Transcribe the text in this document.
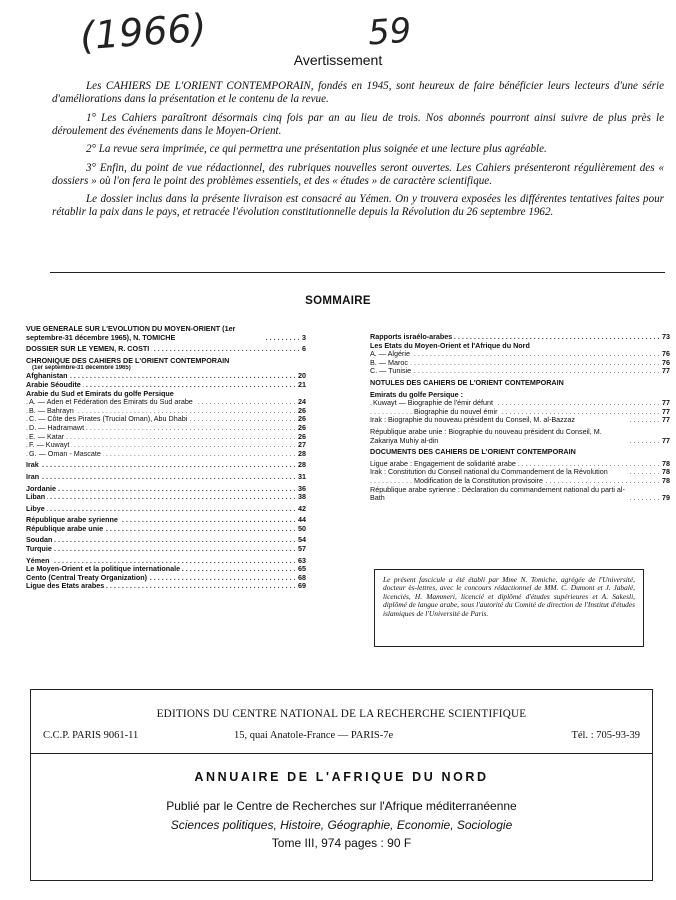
(1966)	59
Avertissement

Les CAHIERS DE L'ORIENT CONTEMPORAIN, fondés en 1945, sont heureux de faire bénéficier leurs lecteurs d'une série d'améliorations dans la présentation et le contenu de la revue.

1° Les Cahiers paraîtront désormais cinq fois par an au lieu de trois. Nos abonnés pourront ainsi suivre de plus près le déroulement des événements dans le Moyen-Orient.

2° La revue sera imprimée, ce qui permettra une présentation plus soignée et une lecture plus agréable.

3° Enfin, du point de vue rédactionnel, des rubriques nouvelles seront ouvertes. Les Cahiers présenteront régulièrement des « dossiers » où l'on fera le point des problèmes essentiels, et des « études » de caractère scientifique.

Le dossier inclus dans la présente livraison est consacré au Yémen. On y trouvera exposées les différentes tentatives faites pour rétablir la paix dans le pays, et retracée l'évolution constitutionnelle depuis la Révolution du 26 septembre 1962.

SOMMAIRE
VUE GENERALE SUR L'EVOLUTION DU MOYEN-ORIENT (1er septembre-31 décembre 1965), N. TOMICHE	3
. . .
DOSSIER SUR LE YEMEN, R. COSTI	6
. . .
CHRONIQUE DES CAHIERS DE L'ORIENT CONTEMPORAIN
(1er septembre-31 décembre 1965)
Afghanistan	20
. . .
Arabie Séoudite	21
. . .
Arabie du Sud et Emirats du golfe Persique
A. — Aden et Fédération des Emirats du Sud arabe	24
. . .
B. — Bahrayn	26
. . .
C. — Côte des Pirates (Trucial Oman), Abu Dhabi	26
. . .
D. — Hadramawt	26
. . .
E. — Katar	26
. . .
F. — Kuwayt	27
. . .
G. — Oman - Mascate	28
. . .
Irak	28
. . .
Iran	31
. . .
Jordanie	36
. . .
Liban	38
. . .
Libye	42
. . .
République arabe syrienne	44
. . .
République arabe unie	50
. . .
Soudan	54
. . .
Turquie	57
. . .
Yémen	63
. . .
Le Moyen-Orient et la politique internationale	65
. . .
Cento (Central Treaty Organization)	68
. . .
Ligue des Etats arabes	69
. . .
Rapports israélo-arabes	73
. . .
Les Etats du Moyen-Orient et l'Afrique du Nord
A. — Algérie	76
. . .
B. — Maroc	76
. . .
C. — Tunisie	77
. . .
NOTULES DES CAHIERS DE L'ORIENT CONTEMPORAIN
Emirats du golfe Persique :
Kuwayt — Biographie de l'émir défunt	77
. . .
Biographie du nouvel émir	77
. . .
Irak : Biographie du nouveau président du Conseil, M. al-Bazzaz	77
. . .
République arabe unie : Biographie du nouveau président du Conseil, M. Zakariya Muhiy al-din	77
. . .
DOCUMENTS DES CAHIERS DE L'ORIENT CONTEMPORAIN
Ligue arabe : Engagement de solidarité arabe	78
. . .
Irak : Constitution du Conseil national du Commandement de la Révolution	78
. . .
Modification de la Constitution provisoire	78
. . .
République arabe syrienne : Déclaration du commandement national du parti al-Bath	79
. . .
Le présent fascicule a été établi par Mme N. Tomiche, agrégée de l'Université, docteur ès-lettres, avec le concours rédactionnel de MM. C. Dumont et J. Jabalé, licenciés, H. Mammeri, licencié et diplômé d'études supérieures et A. Sakesli, diplômé de langue arabe, sous l'autorité du Comité de direction de l'Institut d'études islamiques de l'Université de Paris.
EDITIONS DU CENTRE NATIONAL DE LA RECHERCHE SCIENTIFIQUE
C.C.P. PARIS 9061-11	15, quai Anatole-France — PARIS-7e	Tél. : 705-93-39
ANNUAIRE DE L'AFRIQUE DU NORD
Publié par le Centre de Recherches sur l'Afrique méditerranéenne
Sciences politiques, Histoire, Géographie, Economie, Sociologie
Tome III, 974 pages : 90 F
